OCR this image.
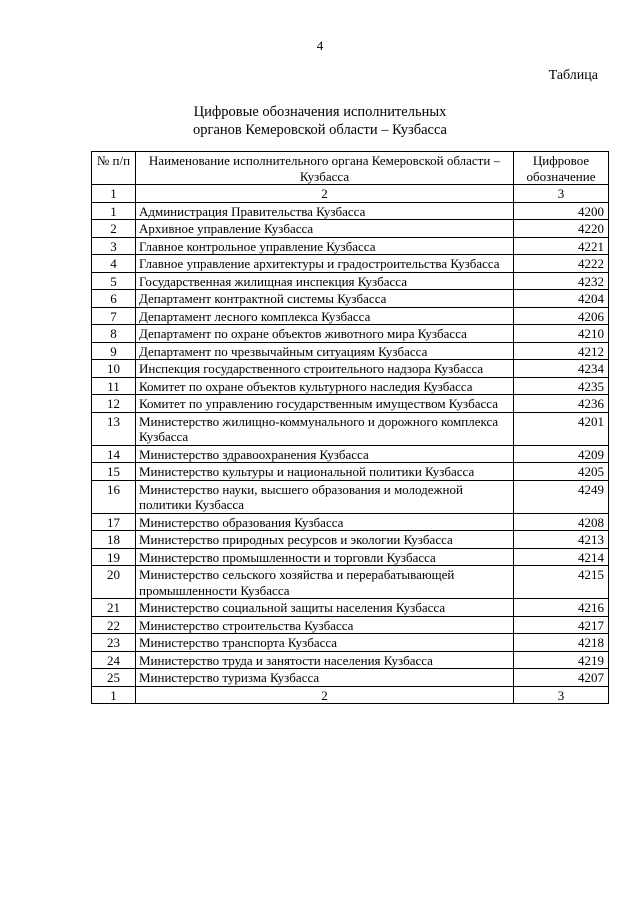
4
Таблица
Цифровые обозначения исполнительных
органов Кемеровской области – Кузбасса
№ п/п	Наименование исполнительного органа Кемеровской области – Кузбасса	Цифровое обозначение
1	2	3
1	Администрация Правительства Кузбасса	4200
2	Архивное управление Кузбасса	4220
3	Главное контрольное управление Кузбасса	4221
4	Главное управление архитектуры и градостроительства Кузбасса	4222
5	Государственная жилищная инспекция Кузбасса	4232
6	Департамент контрактной системы Кузбасса	4204
7	Департамент лесного комплекса Кузбасса	4206
8	Департамент по охране объектов животного мира Кузбасса	4210
9	Департамент по чрезвычайным ситуациям Кузбасса	4212
10	Инспекция государственного строительного надзора Кузбасса	4234
11	Комитет по охране объектов культурного наследия Кузбасса	4235
12	Комитет по управлению государственным имуществом Кузбасса	4236
13	Министерство жилищно-коммунального и дорожного комплекса Кузбасса	4201
14	Министерство здравоохранения Кузбасса	4209
15	Министерство культуры и национальной политики Кузбасса	4205
16	Министерство науки, высшего образования и молодежной политики Кузбасса	4249
17	Министерство образования Кузбасса	4208
18	Министерство природных ресурсов и экологии Кузбасса	4213
19	Министерство промышленности и торговли Кузбасса	4214
20	Министерство сельского хозяйства и перерабатывающей промышленности Кузбасса	4215
21	Министерство социальной защиты населения Кузбасса	4216
22	Министерство строительства Кузбасса	4217
23	Министерство транспорта Кузбасса	4218
24	Министерство труда и занятости населения Кузбасса	4219
25	Министерство туризма Кузбасса	4207
1	2	3
